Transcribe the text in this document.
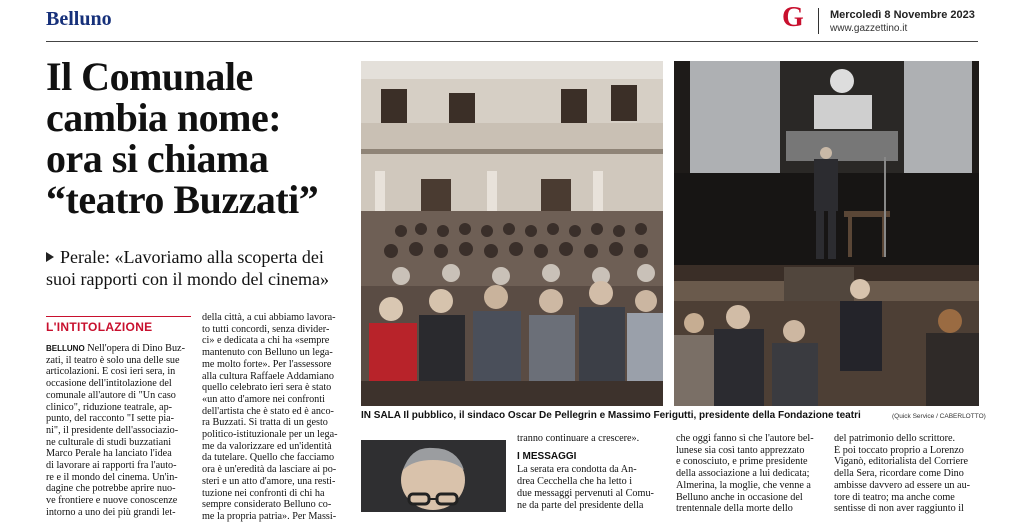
Belluno	G Mercoledì 8 Novembre 2023
www.gazzettino.it
Il Comunale
cambia nome:
ora si chiama
“teatro Buzzati”
Perale: «Lavoriamo alla scoperta dei suoi rapporti con il mondo del cinema»
L'INTITOLAZIONE
BELLUNO Nell'opera di Dino Buz-
zati, il teatro è solo una delle sue
articolazioni. E così ieri sera, in
occasione dell'intitolazione del
comunale all'autore di "Un caso
clinico", riduzione teatrale, ap-
punto, del racconto "I sette pia-
ni", il presidente dell'associazio-
ne culturale di studi buzzatiani
Marco Perale ha lanciato l'idea
di lavorare ai rapporti fra l'auto-
re e il mondo del cinema. Un'in-
dagine che potrebbe aprire nuo-
ve frontiere e nuove conoscenze
intorno a uno dei più grandi let-
della città, a cui abbiamo lavora-
to tutti concordi, senza divider-
ci» e dedicata a chi ha «sempre
mantenuto con Belluno un lega-
me molto forte». Per l'assessore
alla cultura Raffaele Addamiano
quello celebrato ieri sera è stato
«un atto d'amore nei confronti
dell'artista che è stato ed è anco-
ra Buzzati. Si tratta di un gesto
politico-istituzionale per un lega-
me da valorizzare ed un'identità
da tutelare. Quello che facciamo
ora è un'eredità da lasciare ai po-
steri e un atto d'amore, una resti-
tuzione nei confronti di chi ha
sempre considerato Belluno co-
me la propria patria». Per Massi-
IN SALA Il pubblico, il sindaco Oscar De Pellegrin e Massimo Ferigutti, presidente della Fondazione teatri	(Quick Service / CABERLOTTO)
tranno continuare a crescere».
I MESSAGGI
La serata era condotta da An-
drea Cecchella che ha letto i
due messaggi pervenuti al Comu-
ne da parte del presidente della
che oggi fanno sì che l'autore bel-
lunese sia così tanto apprezzato
e conosciuto, e prime presidente
della associazione a lui dedicata;
Almerina, la moglie, che venne a
Belluno anche in occasione del
trentennale della morte dello
del patrimonio dello scrittore.
È poi toccato proprio a Lorenzo
Viganò, editorialista del Corriere
della Sera, ricordare come Dino
ambisse davvero ad essere un au-
tore di teatro; ma anche come
sentisse di non aver raggiunto il
